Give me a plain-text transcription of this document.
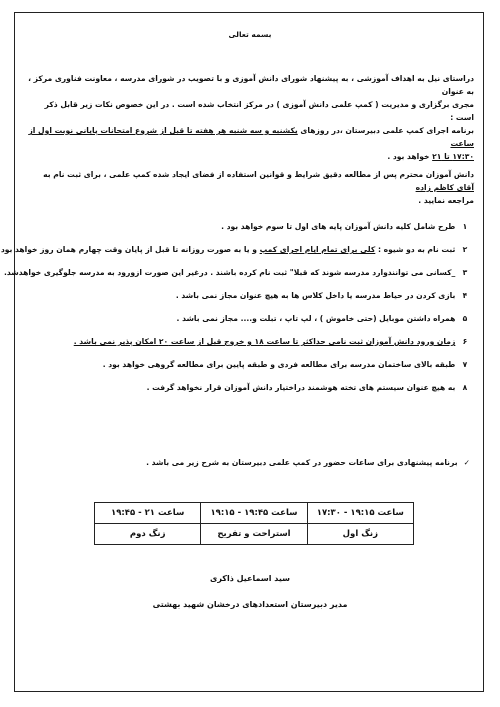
بسمه تعالی
دراستای نیل به اهداف آموزشی ، به پیشنهاد شورای دانش آموزی و با تصویب در شورای مدرسه ، معاونت فناوری مرکز ، به عنوان
مجری برگزاری و مدیریت ( کمپ علمی دانش آموزی ) در مرکز انتخاب شده است . در این خصوص نکات زیر قابل ذکر است :
برنامه اجرای کمپ علمی دبیرستان ،در روزهای یکشنبه و سه شنبه هر هفته تا قبل از شروع امتحانات پایانی نوبت اول از ساعت
۱۷:۳۰ تا ۲۱ خواهد بود .
دانش آموزان محترم پس از مطالعه دقیق شرایط و قوانین استفاده از فضای ایجاد شده کمپ علمی ، برای ثبت نام به آقای کاظم زاده
مراجعه نمایید .
۱ طرح شامل کلیه دانش آموزان پایه های اول تا سوم خواهد بود .
۲ ثبت نام به دو شیوه : کلی برای تمام ایام اجرای کمپ و یا به صورت روزانه تا قبل از پایان وقت چهارم همان روز خواهد بود
۳ _کسانی می توانندوارد مدرسه شوند که قبلا" ثبت نام کرده باشند . درغیر این صورت ازورود به مدرسه جلوگیری خواهدشد.
۴ بازی کردن در حیاط مدرسه یا داخل کلاس ها به هیچ عنوان مجاز نمی باشد .
۵ همراه داشتن موبایل (حتی خاموش ) ، لپ تاپ ، تبلت و.... مجاز نمی باشد .
۶ زمان ورود دانش آموزان ثبت نامی حداکثر تا ساعت ۱۸ و خروج قبل از ساعت ۲۰ امکان پذیر نمی باشد .
۷ طبقه بالای ساختمان مدرسه برای مطالعه فردی و طبقه پایین برای مطالعه گروهی خواهد بود .
۸ به هیچ عنوان سیستم های تخته هوشمند دراختیار دانش آموزان قرار نخواهد گرفت .
✓برنامه پیشنهادی برای ساعات حضور در کمپ علمی دبیرستان به شرح زیر می باشد .
ساعت ۱۹:۱۵ - ۱۷:۳۰	ساعت ۱۹:۴۵ - ۱۹:۱۵	ساعت ۲۱ - ۱۹:۴۵
زنگ اول	استراحت و تفریح	زنگ دوم
سید اسماعیل ذاکری
مدیر دبیرستان استعدادهای درخشان شهید بهشتی
